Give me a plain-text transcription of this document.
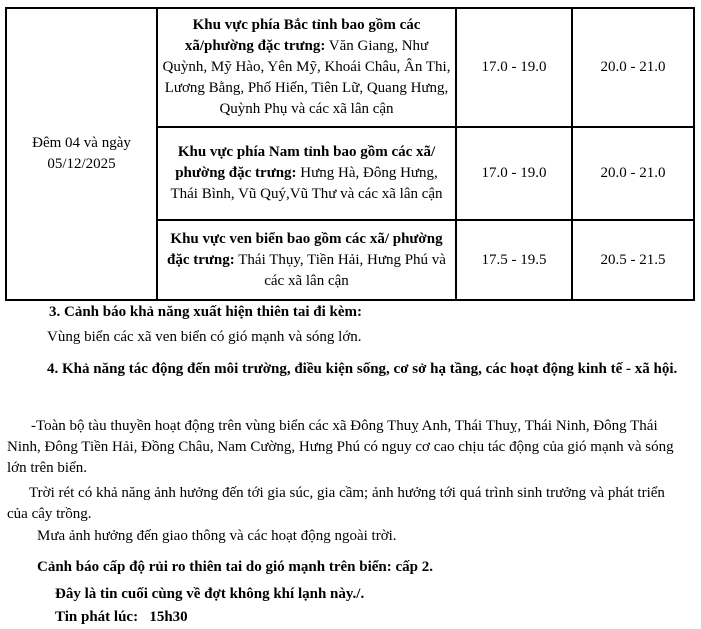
Đêm 04 và ngày 05/12/2025	Khu vực phía Bắc tỉnh bao gồm các xã/phường đặc trưng: Văn Giang, Như Quỳnh, Mỹ Hào, Yên Mỹ, Khoái Châu, Ân Thi, Lương Bằng, Phố Hiến, Tiên Lữ, Quang Hưng, Quỳnh Phụ và các xã lân cận	17.0 - 19.0	20.0 - 21.0
	Khu vực phía Nam tỉnh bao gồm các xã/ phường đặc trưng: Hưng Hà, Đông Hưng, Thái Bình, Vũ Quý,Vũ Thư và các xã lân cận	17.0 - 19.0	20.0 - 21.0
	Khu vực ven biển bao gồm các xã/ phường đặc trưng: Thái Thụy, Tiền Hải, Hưng Phú và các xã lân cận	17.5 - 19.5	20.5 - 21.5

3. Cảnh báo khả năng xuất hiện thiên tai đi kèm:

Vùng biển các xã ven biển có gió mạnh và sóng lớn.

4. Khả năng tác động đến môi trường, điều kiện sống, cơ sở hạ tầng, các hoạt động kinh tế - xã hội.

-Toàn bộ tàu thuyền hoạt động trên vùng biển các xã Đông Thuỵ Anh, Thái Thuỵ, Thái Ninh, Đông Thái Ninh, Đông Tiền Hải, Đồng Châu, Nam Cường, Hưng Phú có nguy cơ cao chịu tác động của gió mạnh và sóng lớn trên biển.

Trời rét có khả năng ảnh hưởng đến tới gia súc, gia cầm; ảnh hưởng tới quá trình sinh trưởng và phát triển của cây trồng.

Mưa ảnh hưởng đến giao thông và các hoạt động ngoài trời.

Cảnh báo cấp độ rủi ro thiên tai do gió mạnh trên biển: cấp 2.

Đây là tin cuối cùng về đợt không khí lạnh này./.

Tin phát lúc: 15h30
